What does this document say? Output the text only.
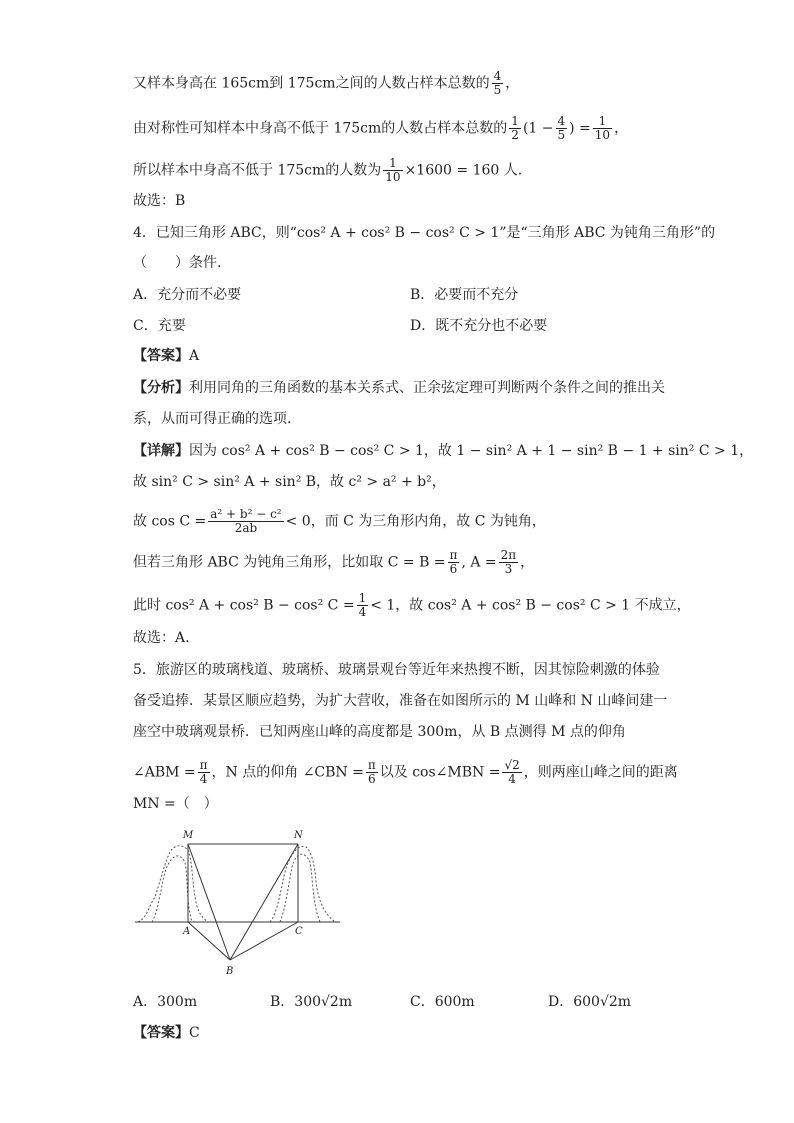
又样本身高在 165cm到 175cm之间的人数占样本总数的 $\frac{4}{5}$ ，
由对称性可知样本中身高不低于 175cm的人数占样本总数的 $\frac{1}{2} (1 - \frac{4}{5}$ ) = $\frac{1}{10}$ ，
所以样本中身高不低于 175cm的人数为 $\frac{1}{10} \times 1600 = 160$ 人.
故选：B
4．已知三角形 ABC，则“cos² A + cos² B − cos² C > 1”是“三角形 ABC 为钝角三角形”的
（　　）条件.
A．充分而不必要	B．必要而不充分
C．充要	D．既不充分也不必要
【答案】A
【分析】利用同角的三角函数的基本关系式、正余弦定理可判断两个条件之间的推出关
系，从而可得正确的选项.
【详解】因为 cos² A + cos² B − cos² C > 1，故 1 − sin² A + 1 − sin² B − 1 + sin² C > 1，
故 sin² C > sin² A + sin² B，故 c² > a² + b²，
故 $\cos C = \frac{\text{a² + b² − c²}}{2ab} < 0$，而 C 为三角形内角，故 C 为钝角，
但若三角形 ABC 为钝角三角形，比如取 $C = B = \frac{\pi}{6}$ , $A = \frac{2\pi}{3}$ ，
此时 cos² A + cos² B − cos² $C = \frac{1}{4} < 1$，故 cos² A + cos² B − cos² C > 1 不成立，
故选：A.
5．旅游区的玻璃栈道、玻璃桥、玻璃景观台等近年来热搜不断，因其惊险刺激的体验
备受追捧．某景区顺应趋势，为扩大营收，准备在如图所示的 M 山峰和 N 山峰间建一
座空中玻璃观景桥．已知两座山峰的高度都是 300m，从 B 点测得 M 点的仰角
∠ABM = $\frac{\pi}{4}$ ，N 点的仰角 ∠CBN = $\frac{\pi}{6}$ 以及 cos∠MBN = $\frac{√2}{4}$ ，则两座山峰之间的距离
MN =（　）
M	N
A	C
B
A．300m	B．300√2m	C．600m	D．600√2m
【答案】C
